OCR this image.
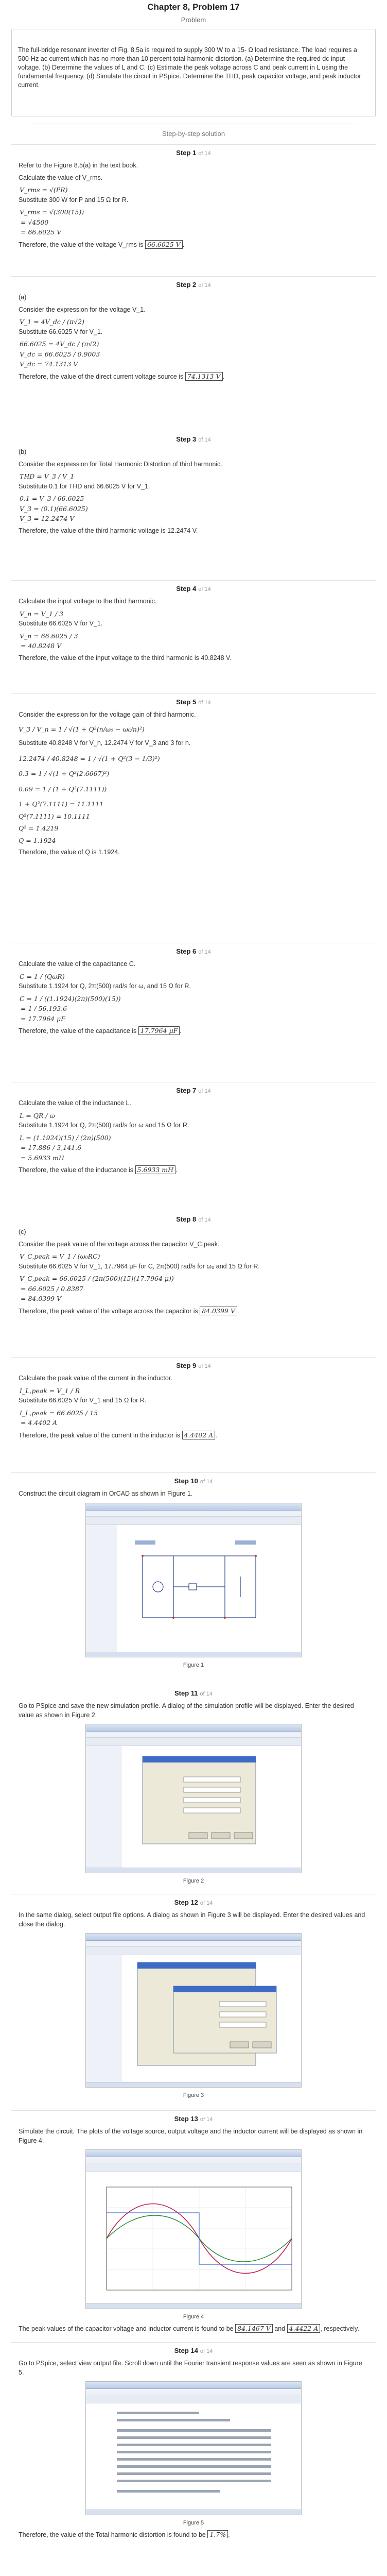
Chapter 8, Problem 17
Problem

The full-bridge resonant inverter of Fig. 8.5a is required to supply 300 W to a 15- Ω load resistance. The load requires a 500-Hz ac current which has no more than 10 percent total harmonic distortion. (a) Determine the required dc input voltage. (b) Determine the values of L and C. (c) Estimate the peak voltage across C and peak current in L using the fundamental frequency. (d) Simulate the circuit in PSpice. Determine the THD, peak capacitor voltage, and peak inductor current.

Step-by-step solution
Step 1 of 14

Refer to the Figure 8.5(a) in the text book.

Calculate the value of V_rms.

V_rms = √(PR)

Substitute 300 W for P and 15 Ω for R.

V_rms = √(300(15))
= √4500
= 66.6025 V

Therefore, the value of the voltage V_rms is 66.6025 V .

Step 2 of 14

(a)

Consider the expression for the voltage V_1.

V_1 = 4V_dc / (π√2)

Substitute 66.6025 V for V_1.

66.6025 = 4V_dc / (π√2)
V_dc = 66.6025 / 0.9003
V_dc = 74.1313 V

Therefore, the value of the direct current voltage source is 74.1313 V .

Step 3 of 14

(b)

Consider the expression for Total Harmonic Distortion of third harmonic.

THD = V_3 / V_1

Substitute 0.1 for THD and 66.6025 V for V_1.

0.1 = V_3 / 66.6025
V_3 = (0.1)(66.6025)
V_3 = 12.2474 V

Therefore, the value of the third harmonic voltage is 12.2474 V.

Step 4 of 14

Calculate the input voltage to the third harmonic.

V_n = V_1 / 3

Substitute 66.6025 V for V_1.

V_n = 66.6025 / 3
= 40.8248 V

Therefore, the value of the input voltage to the third harmonic is 40.8248 V.

Step 5 of 14

Consider the expression for the voltage gain of third harmonic.

V_3 / V_n = 1 / √(1 + Q²(n/ω₀ − ω₀/n)²)

Substitute 40.8248 V for V_n, 12.2474 V for V_3 and 3 for n.

12.2474 / 40.8248 = 1 / √(1 + Q²(3 − 1/3)²)
0.3 = 1 / √(1 + Q²(2.6667)²)
0.09 = 1 / (1 + Q²(7.1111))
1 + Q²(7.1111) = 11.1111
Q²(7.1111) = 10.1111
Q² = 1.4219
Q = 1.1924

Therefore, the value of Q is 1.1924.

Step 6 of 14

Calculate the value of the capacitance C.

C = 1 / (QωR)

Substitute 1.1924 for Q, 2π(500) rad/s for ω, and 15 Ω for R.

C = 1 / ((1.1924)(2π)(500)(15))
= 1 / 56,193.6
= 17.7964 μF

Therefore, the value of the capacitance is 17.7964 μF .

Step 7 of 14

Calculate the value of the inductance L.

L = QR / ω

Substitute 1.1924 for Q, 2π(500) rad/s for ω and 15 Ω for R.

L = (1.1924)(15) / (2π)(500)
= 17.886 / 3,141.6
= 5.6933 mH

Therefore, the value of the inductance is 5.6933 mH .

Step 8 of 14

(c)

Consider the peak value of the voltage across the capacitor V_C,peak.

V_C,peak = V_1 / (ω₀RC)

Substitute 66.6025 V for V_1, 17.7964 μF for C, 2π(500) rad/s for ω₀ and 15 Ω for R.

V_C,peak = 66.6025 / (2π(500)(15)(17.7964 μ))
= 66.6025 / 0.8387
= 84.0399 V

Therefore, the peak value of the voltage across the capacitor is 84.0399 V .

Step 9 of 14

Calculate the peak value of the current in the inductor.

I_L,peak = V_1 / R

Substitute 66.6025 V for V_1 and 15 Ω for R.

I_L,peak = 66.6025 / 15
= 4.4402 A

Therefore, the peak value of the current in the inductor is 4.4402 A .

Step 10 of 14

Construct the circuit diagram in OrCAD as shown in Figure 1.

Figure 1
Step 11 of 14

Go to PSpice and save the new simulation profile. A dialog of the simulation profile will be displayed. Enter the desired value as shown in Figure 2.

Figure 2
Step 12 of 14

In the same dialog, select output file options. A dialog as shown in Figure 3 will be displayed. Enter the desired values and close the dialog.

Figure 3
Step 13 of 14

Simulate the circuit. The plots of the voltage source, output voltage and the inductor current will be displayed as shown in Figure 4.

Figure 4

The peak values of the capacitor voltage and inductor current is found to be 84.1467 V and 4.4422 A , respectively.

Step 14 of 14

Go to PSpice, select view output file. Scroll down until the Fourier transient response values are seen as shown in Figure 5.

Figure 5

Therefore, the value of the Total harmonic distortion is found to be 1.7% .
